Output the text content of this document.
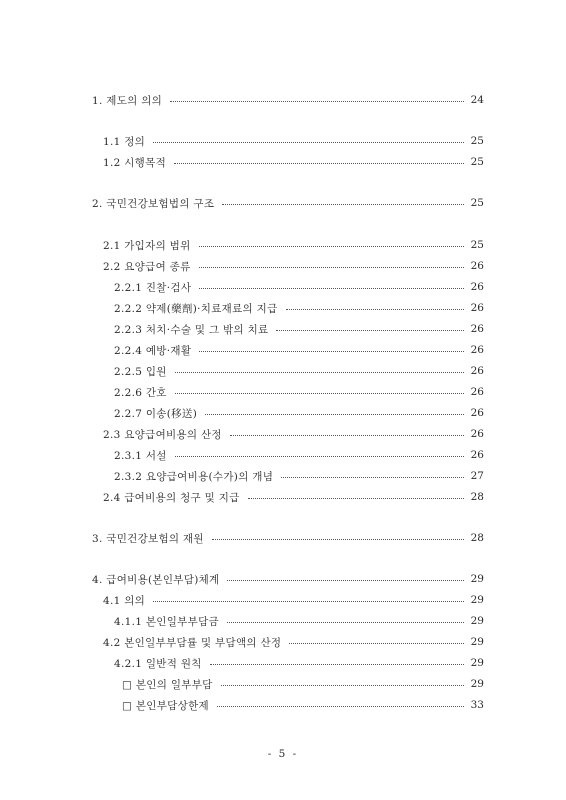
1. 제도의 의의	24
1.1 정의	25
1.2 시행목적	25
2. 국민건강보험법의 구조	25
2.1 가입자의 범위	25
2.2 요양급여 종류	26
2.2.1 진찰·검사	26
2.2.2 약제(藥劑)·치료재료의 지급	26
2.2.3 처치·수술 및 그 밖의 치료	26
2.2.4 예방·재활	26
2.2.5 입원	26
2.2.6 간호	26
2.2.7 이송(移送)	26
2.3 요양급여비용의 산정	26
2.3.1 서설	26
2.3.2 요양급여비용(수가)의 개념	27
2.4 급여비용의 청구 및 지급	28
3. 국민건강보험의 재원	28
4. 급여비용(본인부담)체계	29
4.1 의의	29
4.1.1 본인일부부담금	29
4.2 본인일부부담률 및 부담액의 산정	29
4.2.1 일반적 원칙	29
□ 본인의 일부부담	29
□ 본인부담상한제	33
- 5 -
